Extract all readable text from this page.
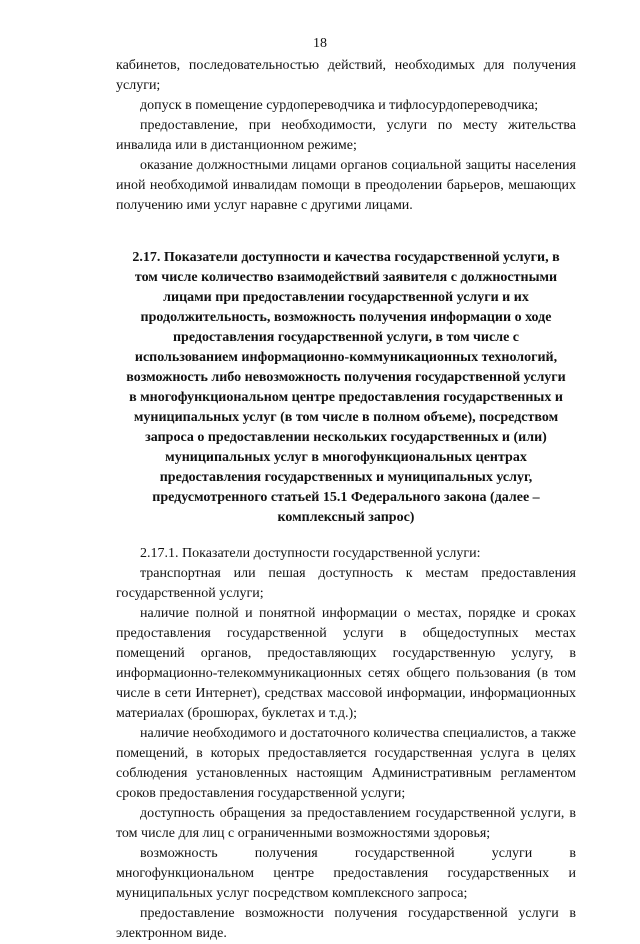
18

кабинетов, последовательностью действий, необходимых для получения услуги;

допуск в помещение сурдопереводчика и тифлосурдопереводчика;

предоставление, при необходимости, услуги по месту жительства инвалида или в дистанционном режиме;

оказание должностными лицами органов социальной защиты населения иной необходимой инвалидам помощи в преодолении барьеров, мешающих получению ими услуг наравне с другими лицами.

2.17. Показатели доступности и качества государственной услуги, в том числе количество взаимодействий заявителя с должностными лицами при предоставлении государственной услуги и их продолжительность, возможность получения информации о ходе предоставления государственной услуги, в том числе с использованием информационно-коммуникационных технологий, возможность либо невозможность получения государственной услуги в многофункциональном центре предоставления государственных и муниципальных услуг (в том числе в полном объеме), посредством запроса о предоставлении нескольких государственных и (или) муниципальных услуг в многофункциональных центрах предоставления государственных и муниципальных услуг, предусмотренного статьей 15.1 Федерального закона (далее – комплексный запрос)

2.17.1. Показатели доступности государственной услуги:

транспортная или пешая доступность к местам предоставления государственной услуги;

наличие полной и понятной информации о местах, порядке и сроках предоставления государственной услуги в общедоступных местах помещений органов, предоставляющих государственную услугу, в информационно-телекоммуникационных сетях общего пользования (в том числе в сети Интернет), средствах массовой информации, информационных материалах (брошюрах, буклетах и т.д.);

наличие необходимого и достаточного количества специалистов, а также помещений, в которых предоставляется государственная услуга в целях соблюдения установленных настоящим Административным регламентом сроков предоставления государственной услуги;

доступность обращения за предоставлением государственной услуги, в том числе для лиц с ограниченными возможностями здоровья;

возможность получения государственной услуги в многофункциональном центре предоставления государственных и муниципальных услуг посредством комплексного запроса;

предоставление возможности получения государственной услуги в электронном виде.
